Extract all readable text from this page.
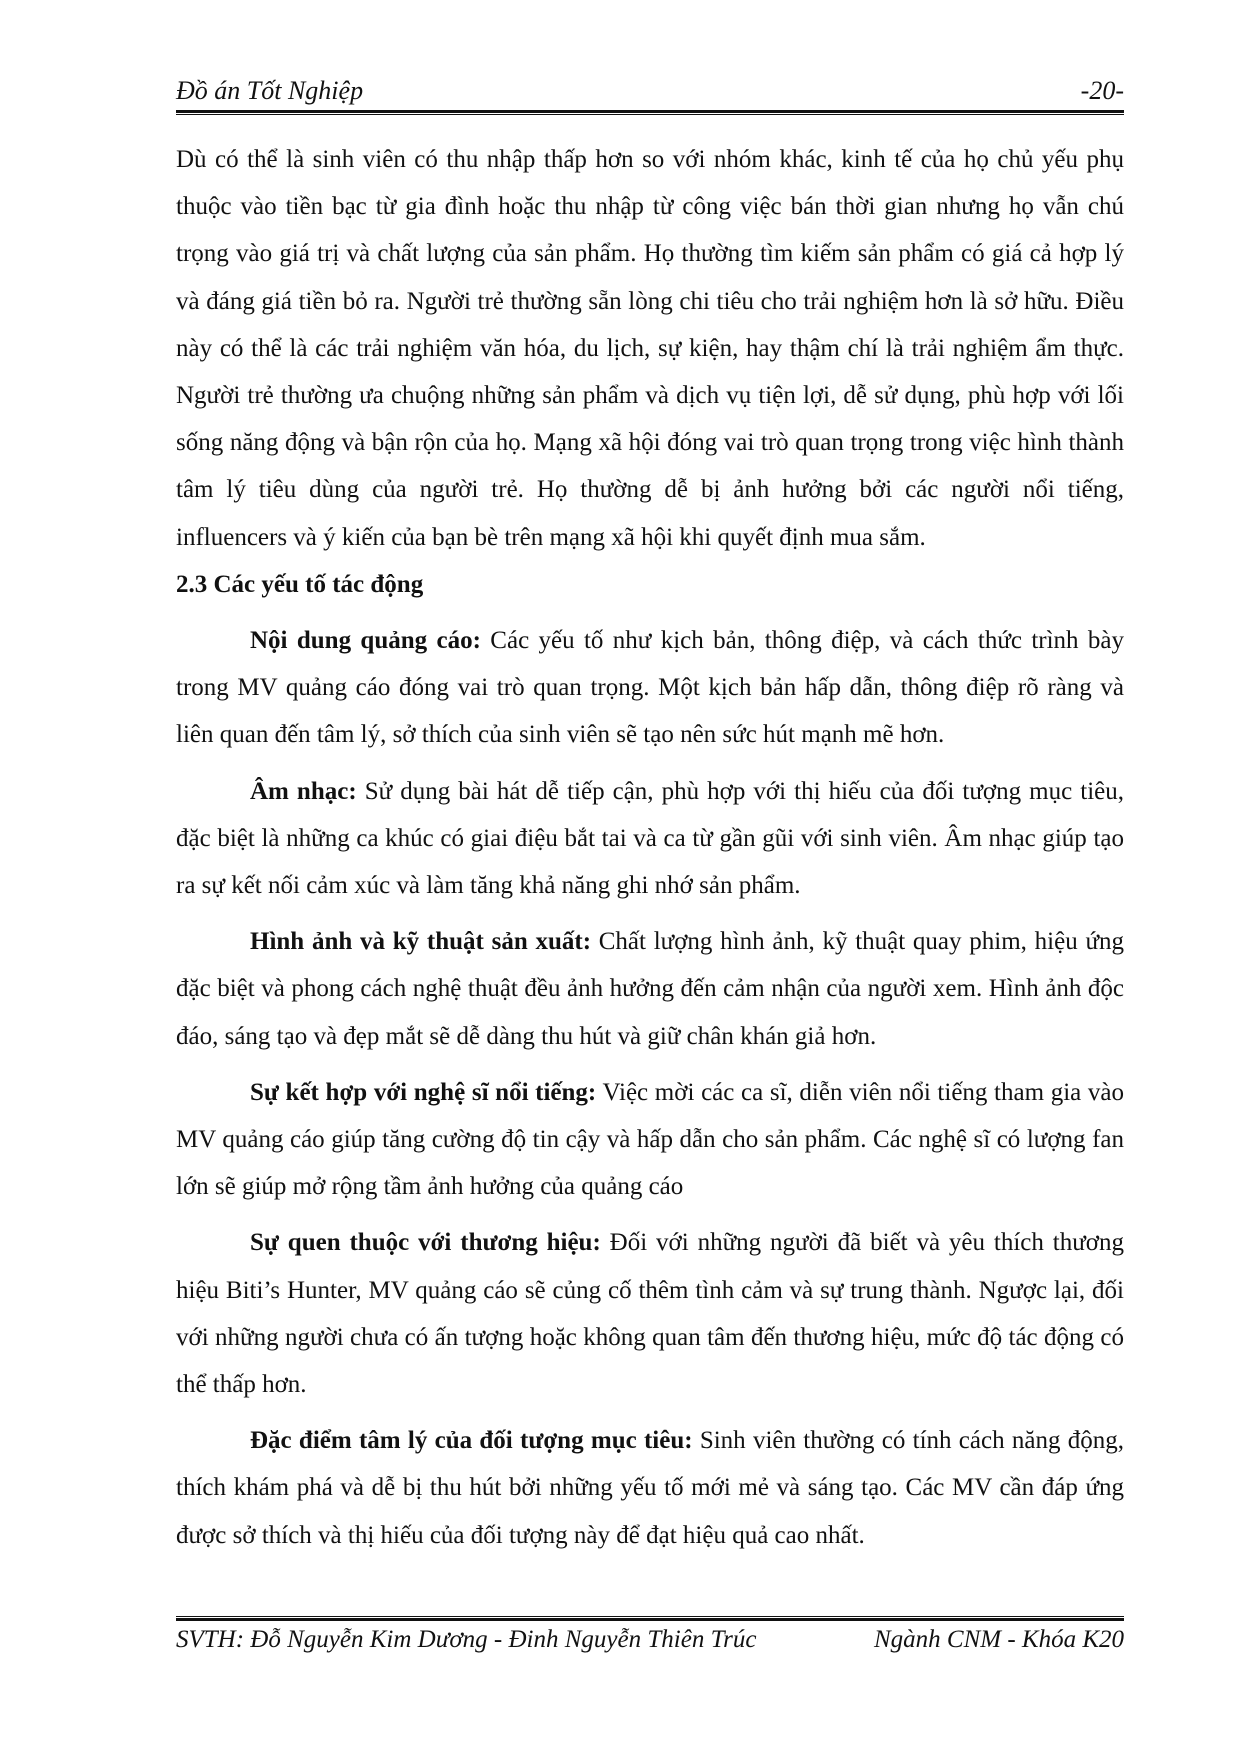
Đồ án Tốt Nghiệp	-20-

Dù có thể là sinh viên có thu nhập thấp hơn so với nhóm khác, kinh tế của họ chủ yếu phụ thuộc vào tiền bạc từ gia đình hoặc thu nhập từ công việc bán thời gian nhưng họ vẫn chú trọng vào giá trị và chất lượng của sản phẩm. Họ thường tìm kiếm sản phẩm có giá cả hợp lý và đáng giá tiền bỏ ra. Người trẻ thường sẵn lòng chi tiêu cho trải nghiệm hơn là sở hữu. Điều này có thể là các trải nghiệm văn hóa, du lịch, sự kiện, hay thậm chí là trải nghiệm ẩm thực. Người trẻ thường ưa chuộng những sản phẩm và dịch vụ tiện lợi, dễ sử dụng, phù hợp với lối sống năng động và bận rộn của họ. Mạng xã hội đóng vai trò quan trọng trong việc hình thành tâm lý tiêu dùng của người trẻ. Họ thường dễ bị ảnh hưởng bởi các người nổi tiếng, influencers và ý kiến của bạn bè trên mạng xã hội khi quyết định mua sắm.

2.3 Các yếu tố tác động

Nội dung quảng cáo: Các yếu tố như kịch bản, thông điệp, và cách thức trình bày trong MV quảng cáo đóng vai trò quan trọng. Một kịch bản hấp dẫn, thông điệp rõ ràng và liên quan đến tâm lý, sở thích của sinh viên sẽ tạo nên sức hút mạnh mẽ hơn.

Âm nhạc: Sử dụng bài hát dễ tiếp cận, phù hợp với thị hiếu của đối tượng mục tiêu, đặc biệt là những ca khúc có giai điệu bắt tai và ca từ gần gũi với sinh viên. Âm nhạc giúp tạo ra sự kết nối cảm xúc và làm tăng khả năng ghi nhớ sản phẩm.

Hình ảnh và kỹ thuật sản xuất: Chất lượng hình ảnh, kỹ thuật quay phim, hiệu ứng đặc biệt và phong cách nghệ thuật đều ảnh hưởng đến cảm nhận của người xem. Hình ảnh độc đáo, sáng tạo và đẹp mắt sẽ dễ dàng thu hút và giữ chân khán giả hơn.

Sự kết hợp với nghệ sĩ nổi tiếng: Việc mời các ca sĩ, diễn viên nổi tiếng tham gia vào MV quảng cáo giúp tăng cường độ tin cậy và hấp dẫn cho sản phẩm. Các nghệ sĩ có lượng fan lớn sẽ giúp mở rộng tầm ảnh hưởng của quảng cáo

Sự quen thuộc với thương hiệu: Đối với những người đã biết và yêu thích thương hiệu Biti’s Hunter, MV quảng cáo sẽ củng cố thêm tình cảm và sự trung thành. Ngược lại, đối với những người chưa có ấn tượng hoặc không quan tâm đến thương hiệu, mức độ tác động có thể thấp hơn.

Đặc điểm tâm lý của đối tượng mục tiêu: Sinh viên thường có tính cách năng động, thích khám phá và dễ bị thu hút bởi những yếu tố mới mẻ và sáng tạo. Các MV cần đáp ứng được sở thích và thị hiếu của đối tượng này để đạt hiệu quả cao nhất.

SVTH: Đỗ Nguyễn Kim Dương - Đinh Nguyễn Thiên Trúc	Ngành CNM - Khóa K20
